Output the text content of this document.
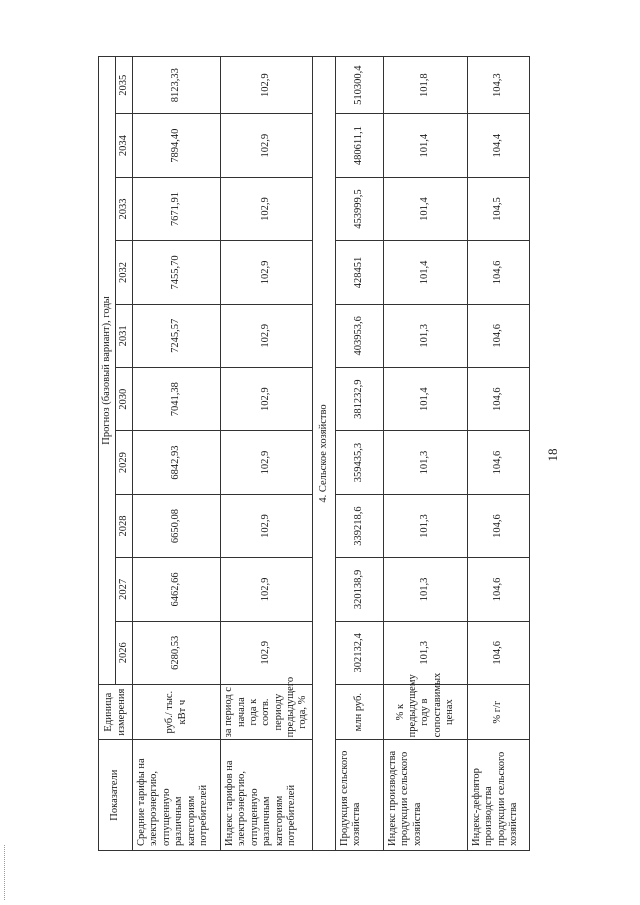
18
Показатели	Единица измерения	Прогноз (базовый вариант), годы									
		2026	2027	2028	2029	2030	2031	2032	2033	2034	2035
Средние тарифы на электроэнергию, отпущенную различным категориям потребителей	руб./ тыс. кВт ч	6280,53	6462,66	6650,08	6842,93	7041,38	7245,57	7455,70	7671,91	7894,40	8123,33
Индекс тарифов на электроэнергию, отпущенную различным категориям потребителей	за период с начала года к соотв. периоду предыдущего года, %	102,9	102,9	102,9	102,9	102,9	102,9	102,9	102,9	102,9	102,9
4. Сельское хозяйство											
Продукция сельского хозяйства	млн руб.	302132,4	320138,9	339218,6	359435,3	381232,9	403953,6	428451	453999,5	480611,1	510300,4
Индекс производства продукции сельского хозяйства	% к предыдущему году в сопоставимых ценах	101,3	101,3	101,3	101,3	101,4	101,3	101,4	101,4	101,4	101,8
Индекс-дефлятор производства продукции сельского хозяйства	% г/г	104,6	104,6	104,6	104,6	104,6	104,6	104,6	104,5	104,4	104,3
